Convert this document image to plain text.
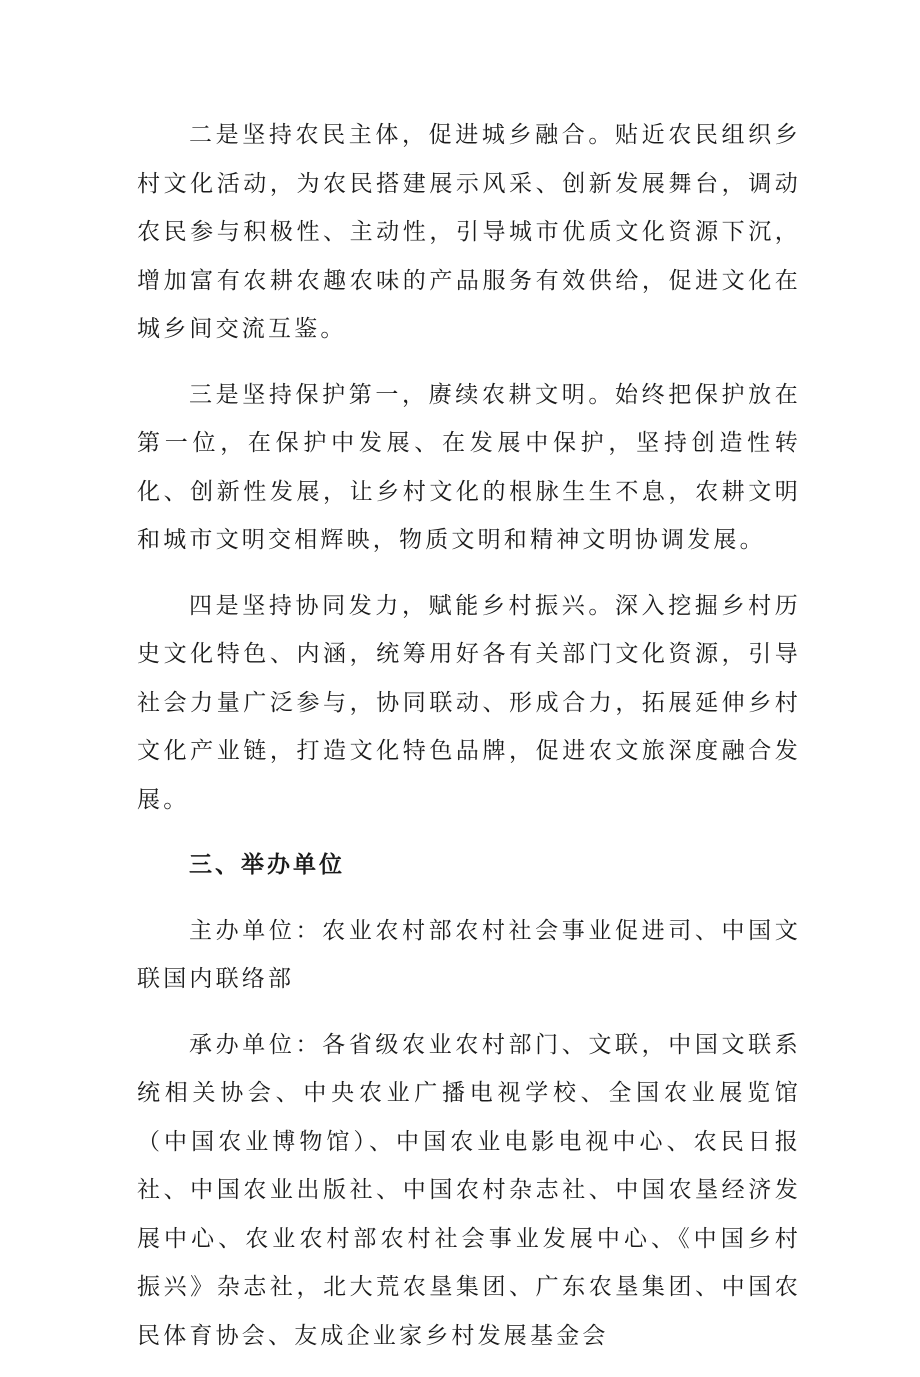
二是坚持农民主体，促进城乡融合。贴近农民组织乡村文化活动，为农民搭建展示风采、创新发展舞台，调动农民参与积极性、主动性，引导城市优质文化资源下沉，增加富有农耕农趣农味的产品服务有效供给，促进文化在城乡间交流互鉴。

三是坚持保护第一，赓续农耕文明。始终把保护放在第一位，在保护中发展、在发展中保护，坚持创造性转化、创新性发展，让乡村文化的根脉生生不息，农耕文明和城市文明交相辉映，物质文明和精神文明协调发展。

四是坚持协同发力，赋能乡村振兴。深入挖掘乡村历史文化特色、内涵，统筹用好各有关部门文化资源，引导社会力量广泛参与，协同联动、形成合力，拓展延伸乡村文化产业链，打造文化特色品牌，促进农文旅深度融合发展。

三、举办单位

主办单位：农业农村部农村社会事业促进司、中国文联国内联络部

承办单位：各省级农业农村部门、文联，中国文联系统相关协会、中央农业广播电视学校、全国农业展览馆（中国农业博物馆）、中国农业电影电视中心、农民日报社、中国农业出版社、中国农村杂志社、中国农垦经济发展中心、农业农村部农村社会事业发展中心、《中国乡村振兴》杂志社，北大荒农垦集团、广东农垦集团、中国农民体育协会、友成企业家乡村发展基金会
